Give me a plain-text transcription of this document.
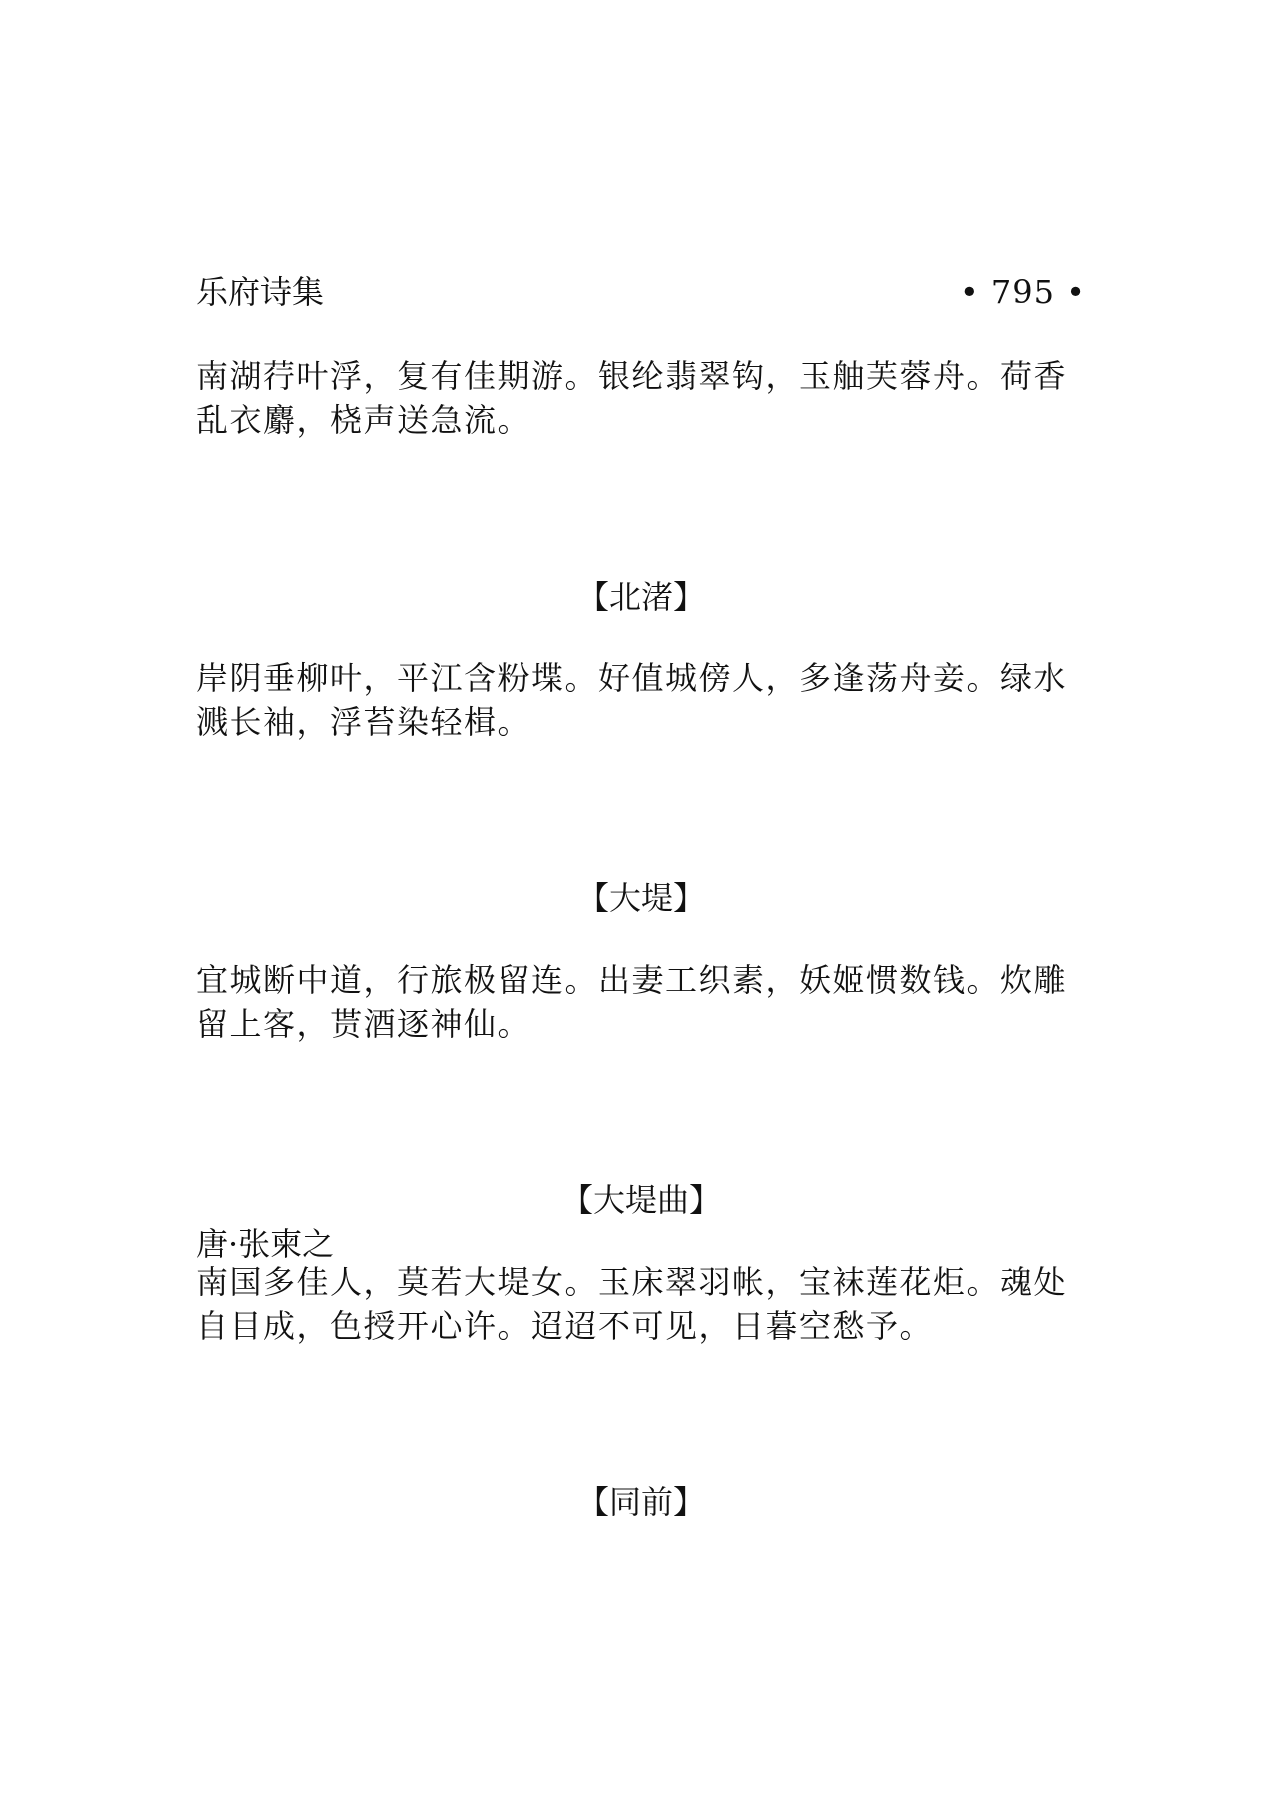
乐府诗集	• 795 •

南湖荇叶浮，复有佳期游。银纶翡翠钩，玉舳芙蓉舟。荷香乱衣麝，桡声送急流。

【北渚】

岸阴垂柳叶，平江含粉堞。好值城傍人，多逢荡舟妾。绿水溅长袖，浮苔染轻楫。

【大堤】

宜城断中道，行旅极留连。出妻工织素，妖姬惯数钱。炊雕留上客，贳酒逐神仙。

【大堤曲】

唐·张柬之

南国多佳人，莫若大堤女。玉床翠羽帐，宝袜莲花炬。魂处自目成，色授开心许。迢迢不可见，日暮空愁予。

【同前】
